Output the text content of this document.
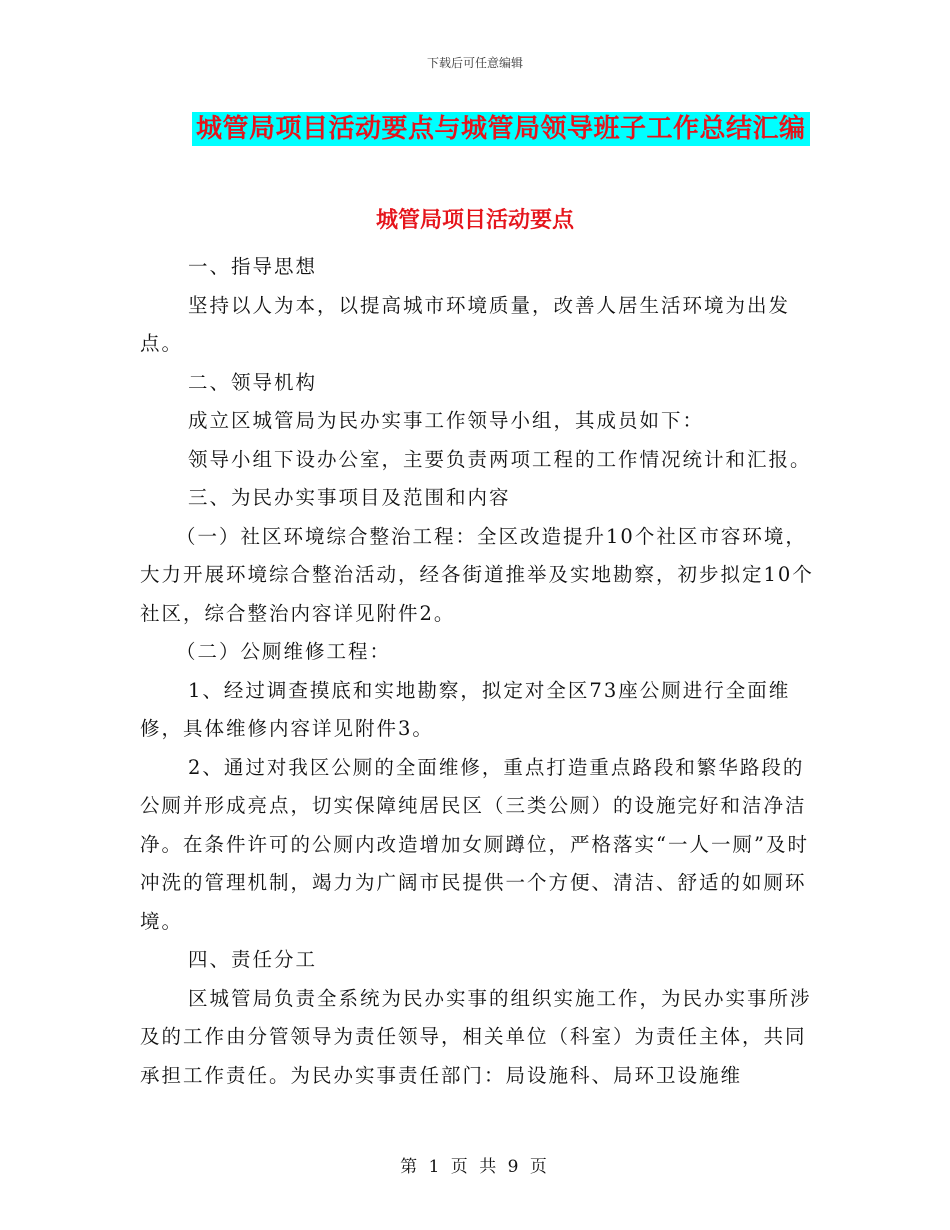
下载后可任意编辑
城管局项目活动要点与城管局领导班子工作总结汇编
城管局项目活动要点

一、指导思想

坚持以人为本，以提高城市环境质量，改善人居生活环境为出发点。

二、领导机构

成立区城管局为民办实事工作领导小组，其成员如下：

领导小组下设办公室，主要负责两项工程的工作情况统计和汇报。

三、为民办实事项目及范围和内容

（一）社区环境综合整治工程：全区改造提升10个社区市容环境，大力开展环境综合整治活动，经各街道推举及实地勘察，初步拟定10个社区，综合整治内容详见附件2。

（二）公厕维修工程：

1、经过调查摸底和实地勘察，拟定对全区73座公厕进行全面维修，具体维修内容详见附件3。

2、通过对我区公厕的全面维修，重点打造重点路段和繁华路段的公厕并形成亮点，切实保障纯居民区（三类公厕）的设施完好和洁净洁净。在条件许可的公厕内改造增加女厕蹲位，严格落实“一人一厕”及时冲洗的管理机制，竭力为广阔市民提供一个方便、清洁、舒适的如厕环境。

四、责任分工

区城管局负责全系统为民办实事的组织实施工作，为民办实事所涉及的工作由分管领导为责任领导，相关单位（科室）为责任主体，共同承担工作责任。为民办实事责任部门：局设施科、局环卫设施维

第 1 页 共 9 页
